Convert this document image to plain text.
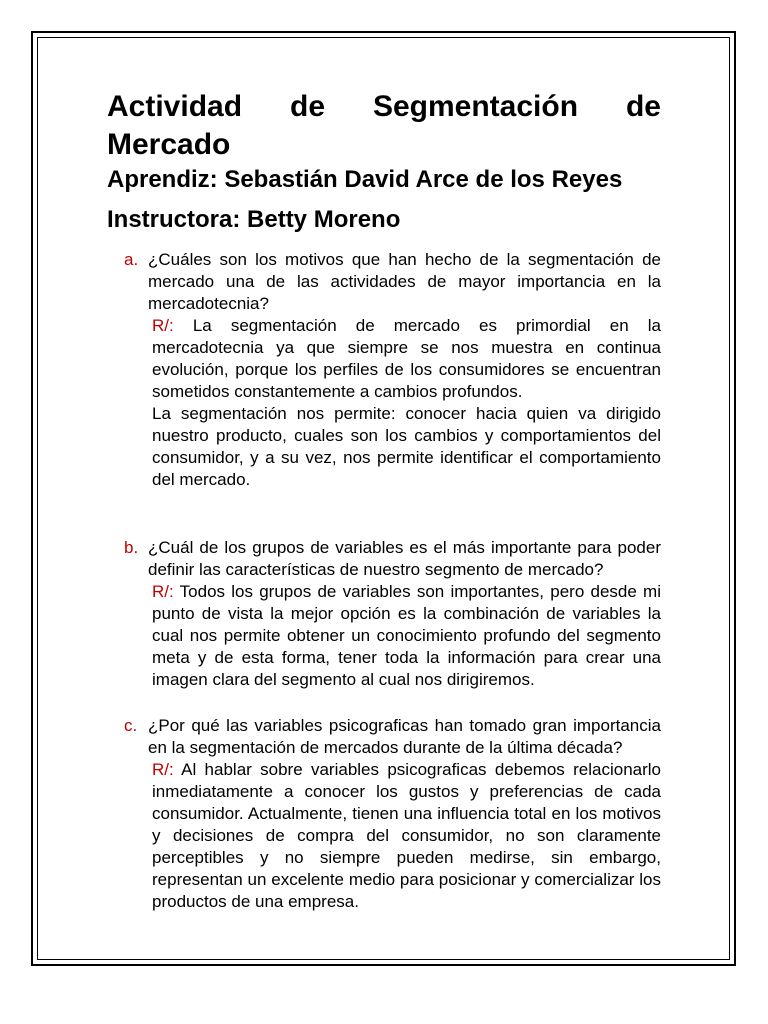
Actividad de Segmentación de Mercado

Aprendiz: Sebastián David Arce de los Reyes

Instructora: Betty Moreno

a. ¿Cuáles son los motivos que han hecho de la segmentación de mercado una de las actividades de mayor importancia en la mercadotecnia?

R/: La segmentación de mercado es primordial en la mercadotecnia ya que siempre se nos muestra en continua evolución, porque los perfiles de los consumidores se encuentran sometidos constantemente a cambios profundos.

La segmentación nos permite: conocer hacia quien va dirigido nuestro producto, cuales son los cambios y comportamientos del consumidor, y a su vez, nos permite identificar el comportamiento del mercado.

b. ¿Cuál de los grupos de variables es el más importante para poder definir las características de nuestro segmento de mercado?

R/: Todos los grupos de variables son importantes, pero desde mi punto de vista la mejor opción es la combinación de variables la cual nos permite obtener un conocimiento profundo del segmento meta y de esta forma, tener toda la información para crear una imagen clara del segmento al cual nos dirigiremos.

c. ¿Por qué las variables psicograficas han tomado gran importancia en la segmentación de mercados durante de la última década?

R/: Al hablar sobre variables psicograficas debemos relacionarlo inmediatamente a conocer los gustos y preferencias de cada consumidor. Actualmente, tienen una influencia total en los motivos y decisiones de compra del consumidor, no son claramente perceptibles y no siempre pueden medirse, sin embargo, representan un excelente medio para posicionar y comercializar los productos de una empresa.
